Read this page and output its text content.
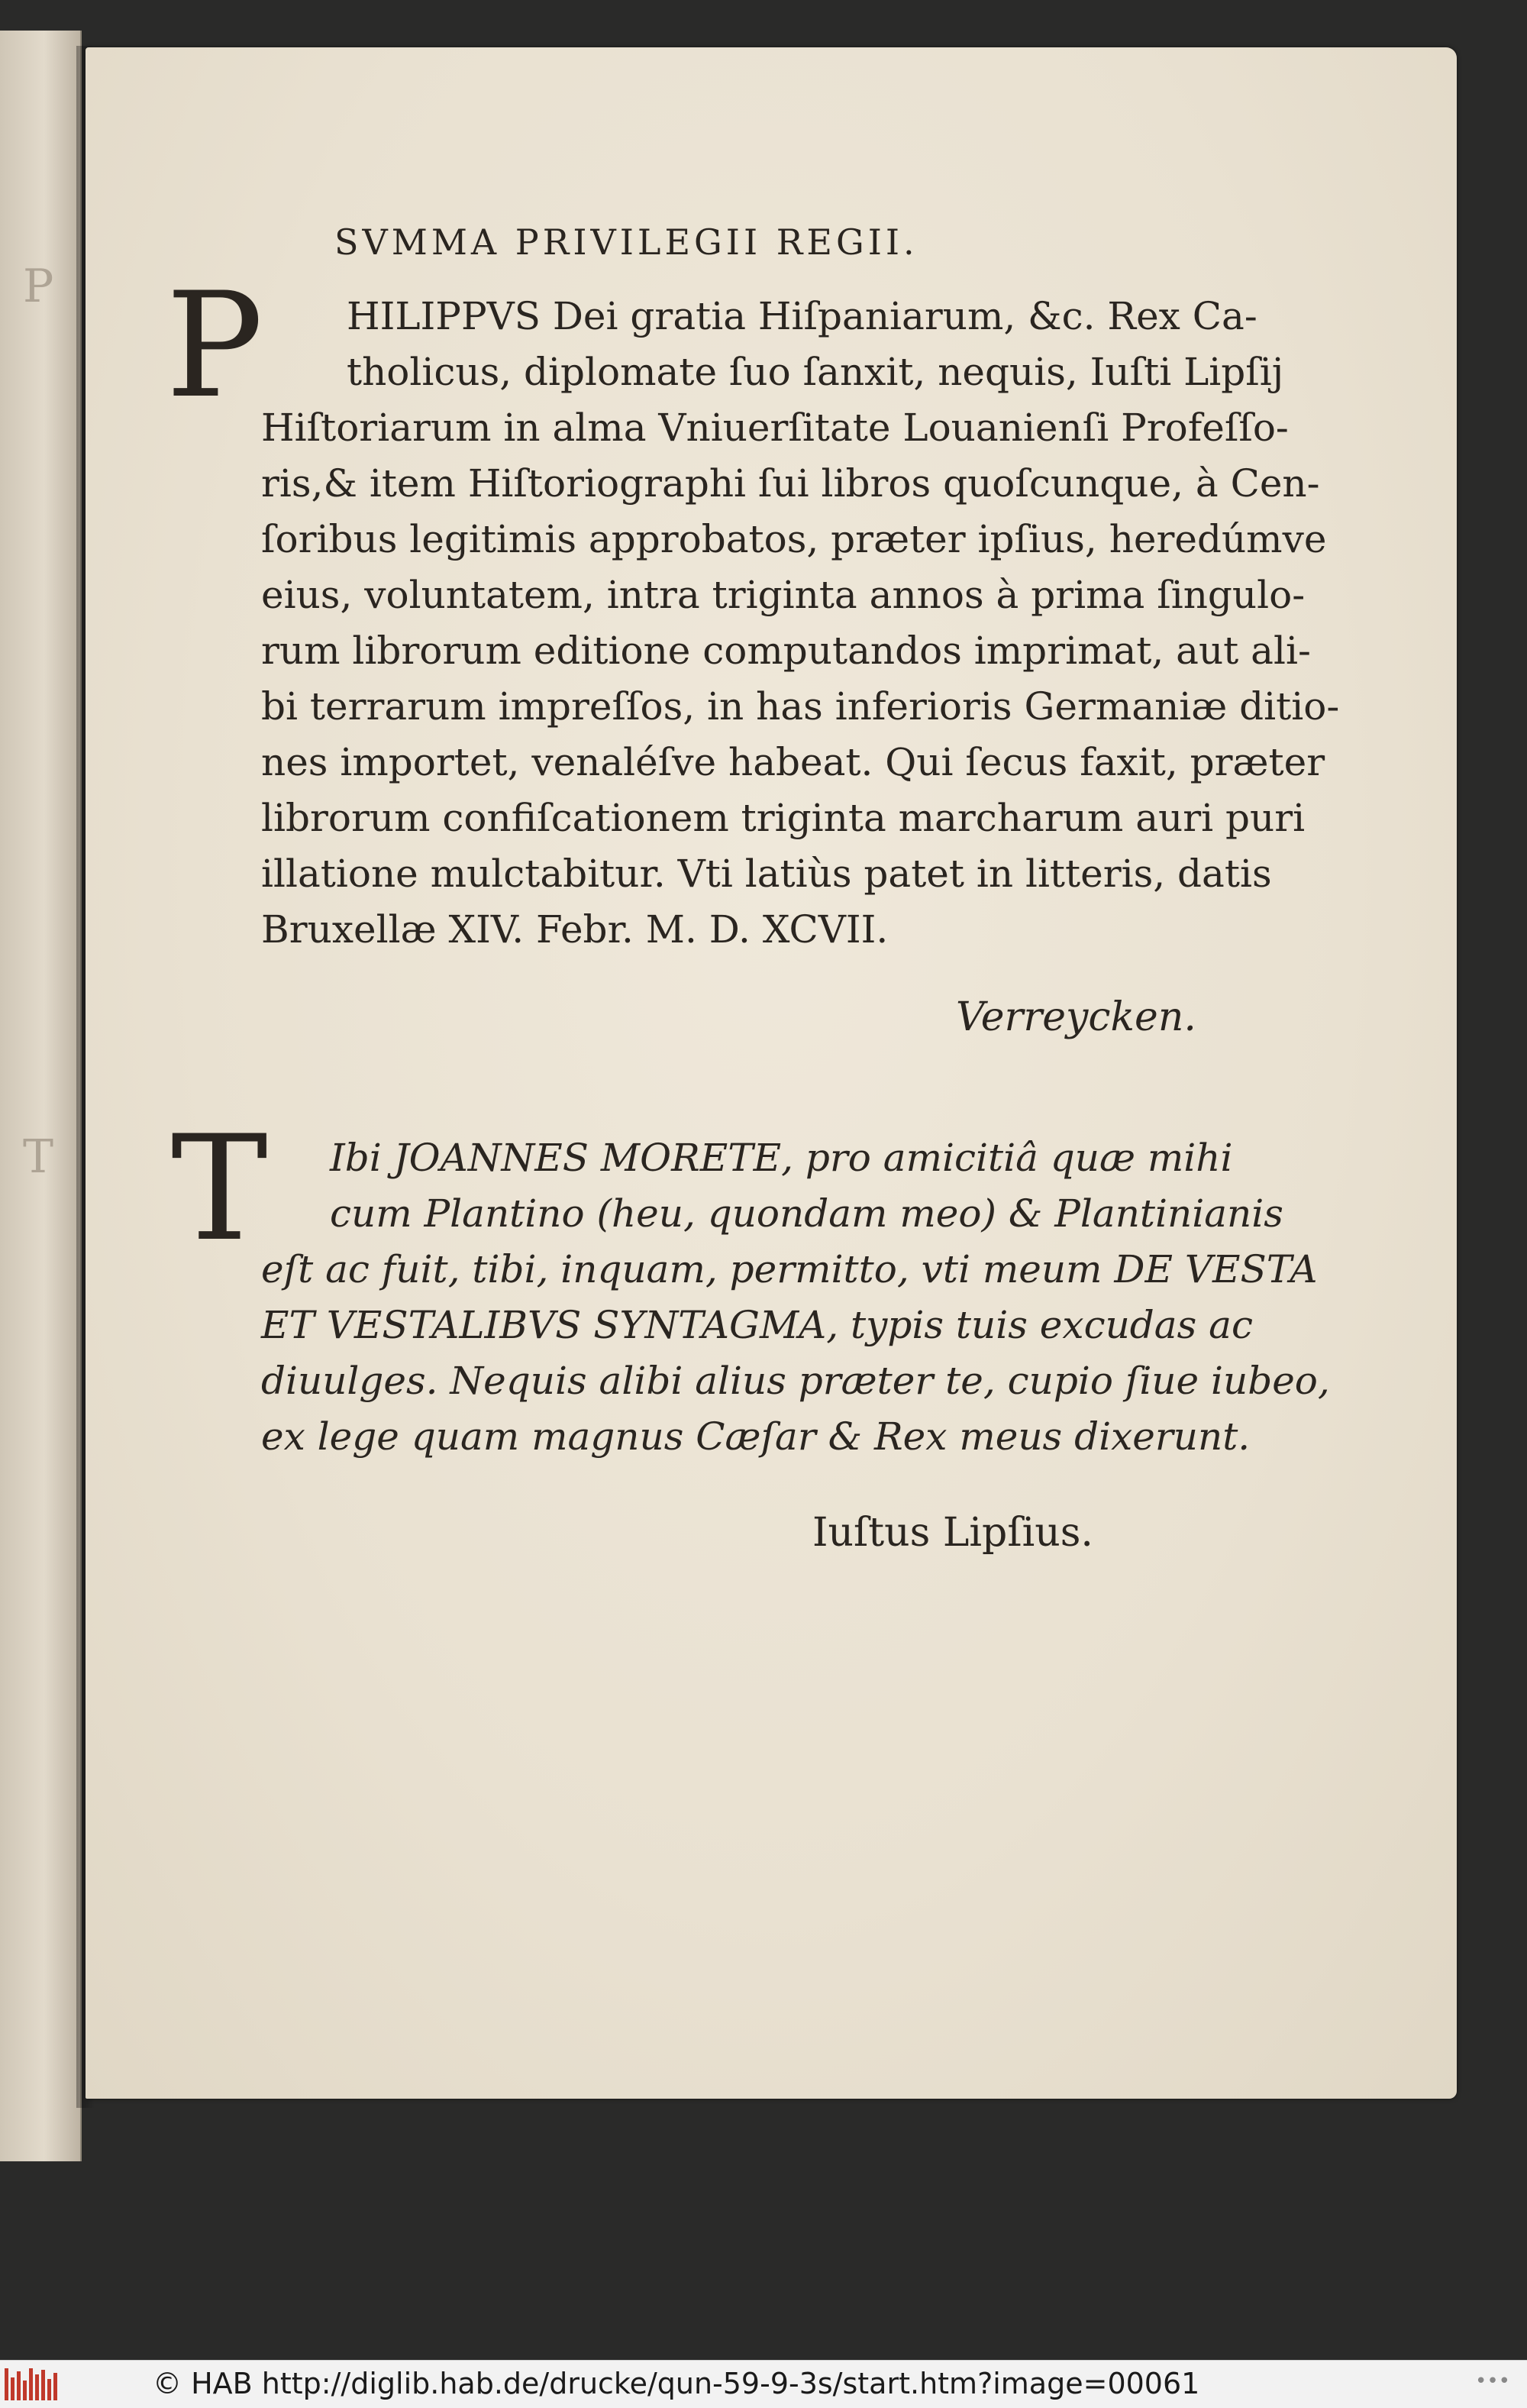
P
T
SVMMA PRIVILEGII REGII.
P	HILIPPVS Dei gratia Hiſpaniarum, &c. Rex Ca-
tholicus, diplomate ſuo ſanxit, nequis, Iuſti Lipſij
Hiſtoriarum in alma Vniuerſitate Louanienſi Profeſſo-
ris,& item Hiſtoriographi ſui libros quoſcunque, à Cen-
ſoribus legitimis approbatos, præter ipſius, heredúmve
eius, voluntatem, intra triginta annos à prima ſingulo-
rum librorum editione computandos imprimat, aut ali-
bi terrarum impreſſos, in has inferioris Germaniæ ditio-
nes importet, venaléſve habeat. Qui ſecus faxit, præter
librorum confiſcationem triginta marcharum auri puri
illatione mulctabitur. Vti latiùs patet in litteris, datis
Bruxellæ XIV. Febr. M. D. XCVII.
Verreycken.
T	Ibi JOANNES MORETE, pro amicitiâ quæ mihi
cum Plantino (heu, quondam meo) & Plantinianis
eſt ac fuit, tibi, inquam, permitto, vti meum DE VESTA
ET VESTALIBVS SYNTAGMA, typis tuis excudas ac
diuulges. Nequis alibi alius præter te, cupio ſiue iubeo,
ex lege quam magnus Cæſar & Rex meus dixerunt.
Iuſtus Lipſius.
© HAB http://diglib.hab.de/drucke/qun-59-9-3s/start.htm?image=00061	•••
